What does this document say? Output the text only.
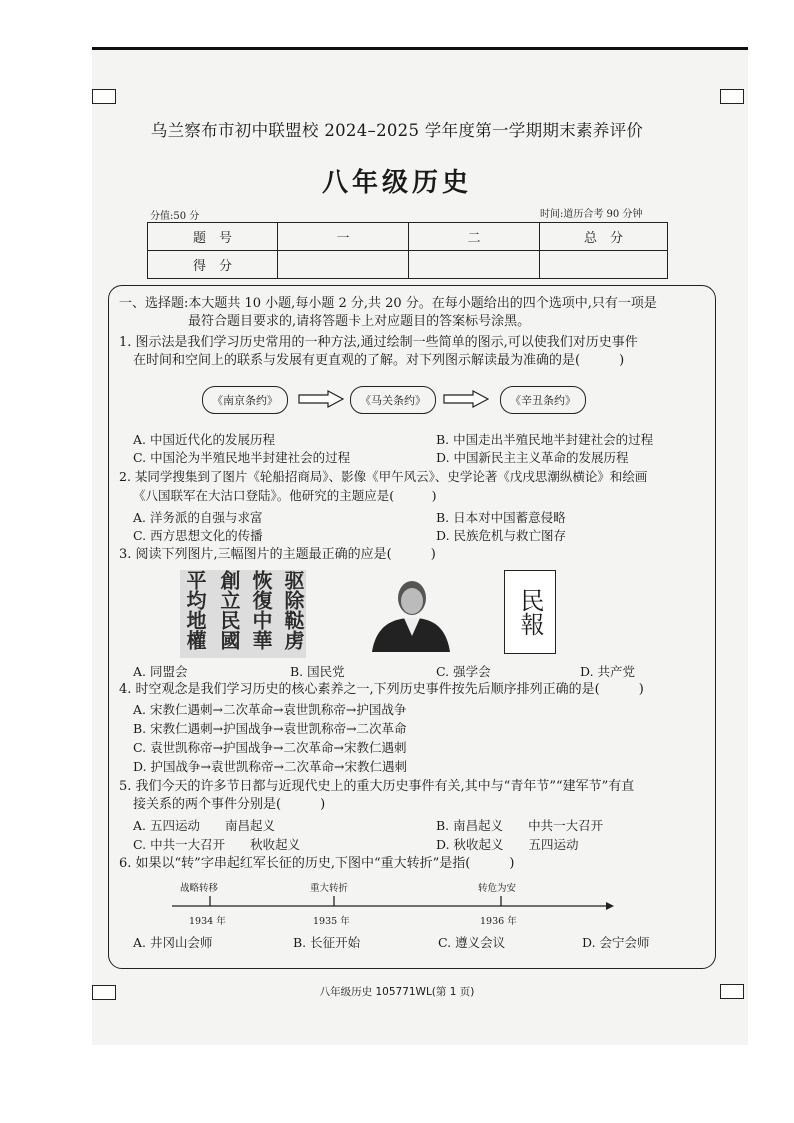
乌兰察布市初中联盟校 2024–2025 学年度第一学期期末素养评价
八年级历史
分值:50 分	时间:道历合考 90 分钟
题　号	一	二	总　分
得　分			
一、选择题:本大题共 10 小题,每小题 2 分,共 20 分。在每小题给出的四个选项中,只有一项是
最符合题目要求的,请将答题卡上对应题目的答案标号涂黑。
1. 图示法是我们学习历史常用的一种方法,通过绘制一些简单的图示,可以使我们对历史事件
在时间和空间上的联系与发展有更直观的了解。对下列图示解读最为准确的是(　　　)
《南京条约》	《马关条约》	《辛丑条约》
A. 中国近代化的发展历程	B. 中国走出半殖民地半封建社会的过程
C. 中国沦为半殖民地半封建社会的过程	D. 中国新民主主义革命的发展历程
2. 某同学搜集到了图片《轮船招商局》、影像《甲午风云》、史学论著《戊戌思潮纵横论》和绘画
《八国联军在大沽口登陆》。他研究的主题应是(　　　)
A. 洋务派的自强与求富	B. 日本对中国蓄意侵略
C. 西方思想文化的传播	D. 民族危机与救亡图存
3. 阅读下列图片,三幅图片的主题最正确的应是(　　　)
驱除鞑虏
恢復中華
創立民國
平均地權	民報
A. 同盟会	B. 国民党	C. 强学会	D. 共产党
4. 时空观念是我们学习历史的核心素养之一,下列历史事件按先后顺序排列正确的是(　　　)
A. 宋教仁遇刺→二次革命→袁世凯称帝→护国战争
B. 宋教仁遇刺→护国战争→袁世凯称帝→二次革命
C. 袁世凯称帝→护国战争→二次革命→宋教仁遇刺
D. 护国战争→袁世凯称帝→二次革命→宋教仁遇刺
5. 我们今天的许多节日都与近现代史上的重大历史事件有关,其中与“青年节”“建军节”有直
接关系的两个事件分别是(　　　)
A. 五四运动　　南昌起义	B. 南昌起义　　中共一大召开
C. 中共一大召开　　秋收起义	D. 秋收起义　　五四运动
6. 如果以“转”字串起红军长征的历史,下图中“重大转折”是指(　　　)
战略转移	重大转折	转危为安
1934 年	1935 年	1936 年
A. 井冈山会师	B. 长征开始	C. 遵义会议	D. 会宁会师
八年级历史 105771WL(第 1 页)
